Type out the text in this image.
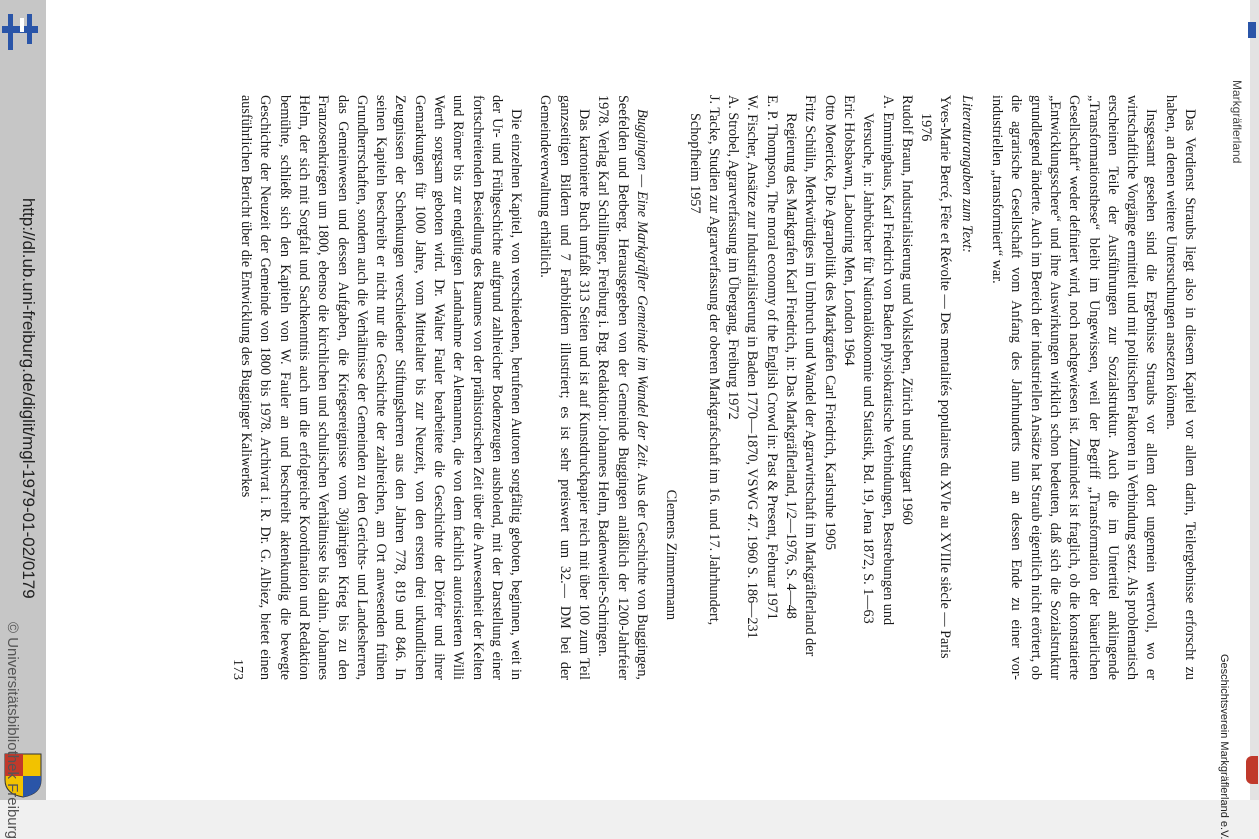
http://dl.ub.uni-freiburg.de/diglit/mgl-1979-01-02/0179
© Universitätsbibliothek Freiburg
Markgräflerland
Geschichtsverein Markgräflerland e.V.

Das Verdienst Straubs liegt also in diesem Kapitel vor allem darin, Teilergebnisse erforscht zu haben, an denen weitere Untersuchungen ansetzen können.

Insgesamt gesehen sind die Ergebnisse Straubs vor allem dort ungemein wertvoll, wo er wirtschaftliche Vorgänge ermittelt und mit politischen Faktoren in Verbindung setzt. Als problematisch erscheinen Teile der Ausführungen zur Sozialstruktur. Auch die im Untertitel anklingende „Transformationsthese“ bleibt im Ungewissen, weil der Begriff „Transformation der bäuerlichen Gesellschaft“ weder definiert wird, noch nachgewiesen ist. Zumindest ist fraglich, ob die konstatierte „Entwicklungsschere“ und ihre Auswirkungen wirklich schon bedeuten, daß sich die Sozialstruktur grundlegend änderte. Auch im Bereich der industriellen Ansätze hat Straub eigentlich nicht erörtert, ob die agrarische Gesellschaft vom Anfang des Jahrhunderts nun an dessen Ende zu einer vor-industriellen „transformiert“ war.

Literaturangaben zum Text:

Yves-Marie Bercé, Fête et Révolte — Des mentalités populaires du XVIe au XVIIIe siècle — Paris 1976
Rudolf Braun, Industrialisierung und Volksleben, Zürich und Stuttgart 1960
A. Emminghaus, Karl Friedrich von Baden physiokratische Verbindungen, Bestrebungen und Versuche, in: Jahrbücher für Nationalökonomie und Statistik, Bd. 19, Jena 1872, S. 1—63
Eric Hobsbawm, Labouring Men, London 1964
Otto Moericke, Die Agrarpolitik des Markgrafen Carl Friedrich, Karlsruhe 1905
Fritz Schülin, Merkwürdiges im Umbruch und Wandel der Agrarwirtschaft im Markgräflerland der Regierung des Markgrafen Karl Friedrich, in: Das Markgräflerland, 1/2—1976, S. 4—48
E. P. Thompson, The moral economy of the English Crowd in: Past & Present, Februar 1971
W. Fischer, Ansätze zur Industrialisierung in Baden 1770—1870, VSWG 47. 1960 S. 186—231
A. Strobel, Agrarverfassung im Übergang, Freiburg 1972
J. Tacke, Studien zur Agrarverfassung der oberen Markgrafschaft im 16. und 17. Jahrhundert, Schopfheim 1957

Clemens Zimmermann

Buggingen — Eine Markgräfler Gemeinde im Wandel der Zeit. Aus der Geschichte von Buggingen, Seefelden und Betberg. Herausgegeben von der Gemeinde Buggingen anläßlich der 1200-Jahrfeier 1978. Verlag Karl Schillinger, Freiburg i. Brg. Redaktion: Johannes Helm, Badenweiler-Schringen.

Das kartonierte Buch umfaßt 313 Seiten und ist auf Kunstdruckpapier reich mit über 100 zum Teil ganzseitigen Bildern und 7 Farbbildern illustriert; es ist sehr preiswert um 32.— DM bei der Gemeindeverwaltung erhältlich.

Die einzelnen Kapitel, von verschiedenen, berufenen Autoren sorgfältig geboten, beginnen, weit in der Ur- und Frühgeschichte aufgrund zahlreicher Bodenzeugen ausholend, mit der Darstellung einer fortschreitenden Besiedlung des Raumes von der prähistorischen Zeit über die Anwesenheit der Kelten und Römer bis zur endgültigen Landnahme der Alemannen, die von dem fachlich autorisierten Willi Werth sorgsam geboten wird. Dr. Walter Fauler bearbeitete die Geschichte der Dörfer und ihrer Gemarkungen für 1000 Jahre, vom Mittelalter bis zur Neuzeit, von den ersten drei urkundlichen Zeugnissen der Schenkungen verschiedener Stiftungsherren aus den Jahren 778, 819 und 846. In seinen Kapiteln beschreibt er nicht nur die Geschichte der zahlreichen, am Ort anwesenden frühen Grundherrschaften, sondern auch die Verhältnisse der Gemeinden zu den Gerichts- und Landesherren, das Gemeinwesen und dessen Aufgaben, die Kriegsereignisse vom 30jährigen Krieg bis zu den Franzosenkriegen um 1800, ebenso die kirchlichen und schulischen Verhältnisse bis dahin. Johannes Helm, der sich mit Sorgfalt und Sachkenntnis auch um die erfolgreiche Koordination und Redaktion bemühte, schließt sich den Kapiteln von W. Fauler an und beschreibt aktenkundig die bewegte Geschichte der Neuzeit der Gemeinde von 1800 bis 1978. Archivrat i. R. Dr. G. Albiez, bietet einen ausführlichen Bericht über die Entwicklung des Bugginger Kaliwerkes

173
